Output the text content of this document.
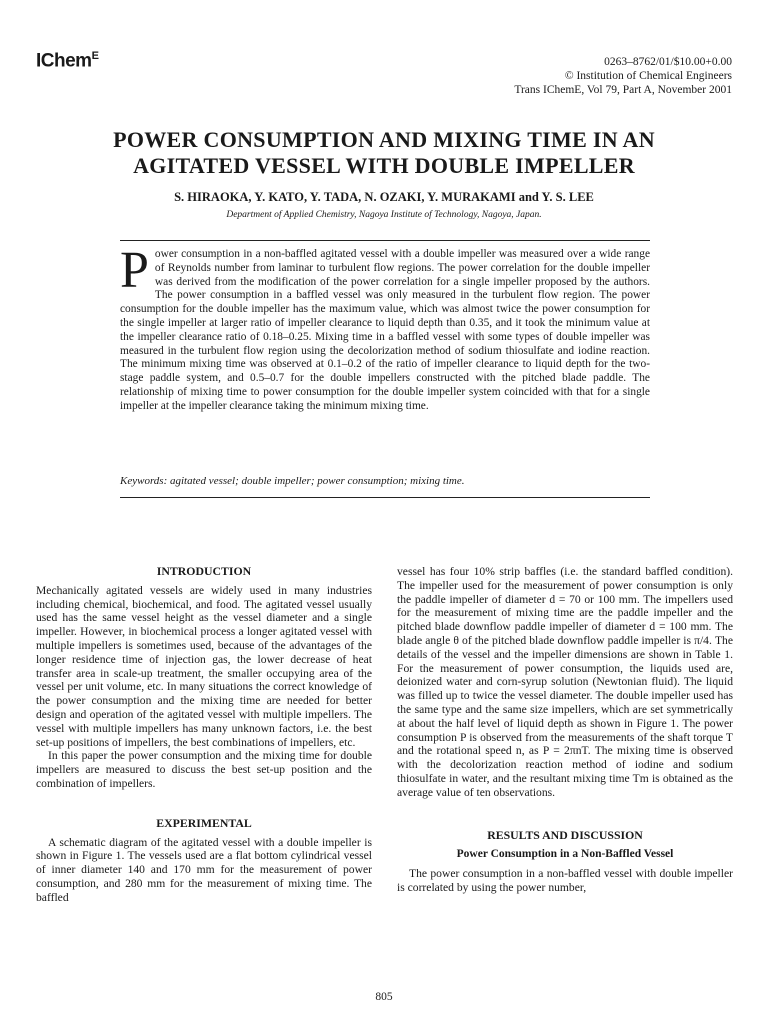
IChem$^E$	0263–8762/01/$10.00+0.00
© Institution of Chemical Engineers
Trans IChemE, Vol 79, Part A, November 2001
POWER CONSUMPTION AND MIXING TIME IN AN
AGITATED VESSEL WITH DOUBLE IMPELLER
S. HIRAOKA, Y. KATO, Y. TADA, N. OZAKI, Y. MURAKAMI and Y. S. LEE
Department of Applied Chemistry, Nagoya Institute of Technology, Nagoya, Japan.
Power consumption in a non-baffled agitated vessel with a double impeller was measured over a wide range of Reynolds number from laminar to turbulent flow regions. The power correlation for the double impeller was derived from the modification of the power correlation for a single impeller proposed by the authors. The power consumption in a baffled vessel was only measured in the turbulent flow region. The power consumption for the double impeller has the maximum value, which was almost twice the power consumption for the single impeller at larger ratio of impeller clearance to liquid depth than 0.35, and it took the minimum value at the impeller clearance ratio of 0.18–0.25. Mixing time in a baffled vessel with some types of double impeller was measured in the turbulent flow region using the decolorization method of sodium thiosulfate and iodine reaction. The minimum mixing time was observed at 0.1–0.2 of the ratio of impeller clearance to liquid depth for the two-stage paddle system, and 0.5–0.7 for the double impellers constructed with the pitched blade paddle. The relationship of mixing time to power consumption for the double impeller system coincided with that for a single impeller at the impeller clearance taking the minimum mixing time.
Keywords: agitated vessel; double impeller; power consumption; mixing time.

INTRODUCTION

Mechanically agitated vessels are widely used in many industries including chemical, biochemical, and food. The agitated vessel usually used has the same vessel height as the vessel diameter and a single impeller. However, in biochemical process a longer agitated vessel with multiple impellers is sometimes used, because of the advantages of the longer residence time of injection gas, the lower decrease of heat transfer area in scale-up treatment, the smaller occupying area of the vessel per unit volume, etc. In many situations the correct knowledge of the power consumption and the mixing time are needed for better design and operation of the agitated vessel with multiple impellers. The vessel with multiple impellers has many unknown factors, i.e. the best set-up positions of impellers, the best combinations of impellers, etc.

In this paper the power consumption and the mixing time for double impellers are measured to discuss the best set-up position and the combination of impellers.

EXPERIMENTAL

A schematic diagram of the agitated vessel with a double impeller is shown in Figure 1. The vessels used are a flat bottom cylindrical vessel of inner diameter 140 and 170 mm for the measurement of power consumption, and 280 mm for the measurement of mixing time. The baffled

vessel has four 10% strip baffles (i.e. the standard baffled condition). The impeller used for the measurement of power consumption is only the paddle impeller of diameter d = 70 or 100 mm. The impellers used for the measurement of mixing time are the paddle impeller and the pitched blade downflow paddle impeller of diameter d = 100 mm. The blade angle θ of the pitched blade downflow paddle impeller is π/4. The details of the vessel and the impeller dimensions are shown in Table 1. For the measurement of power consumption, the liquids used are, deionized water and corn-syrup solution (Newtonian fluid). The liquid was filled up to twice the vessel diameter. The double impeller used has the same type and the same size impellers, which are set symmetrically at about the half level of liquid depth as shown in Figure 1. The power consumption P is observed from the measurements of the shaft torque T and the rotational speed n, as P = 2πnT. The mixing time is observed with the decolorization reaction method of iodine and sodium thiosulfate in water, and the resultant mixing time Tm is obtained as the average value of ten observations.

RESULTS AND DISCUSSION

Power Consumption in a Non-Baffled Vessel

The power consumption in a non-baffled vessel with double impeller is correlated by using the power number,

805
